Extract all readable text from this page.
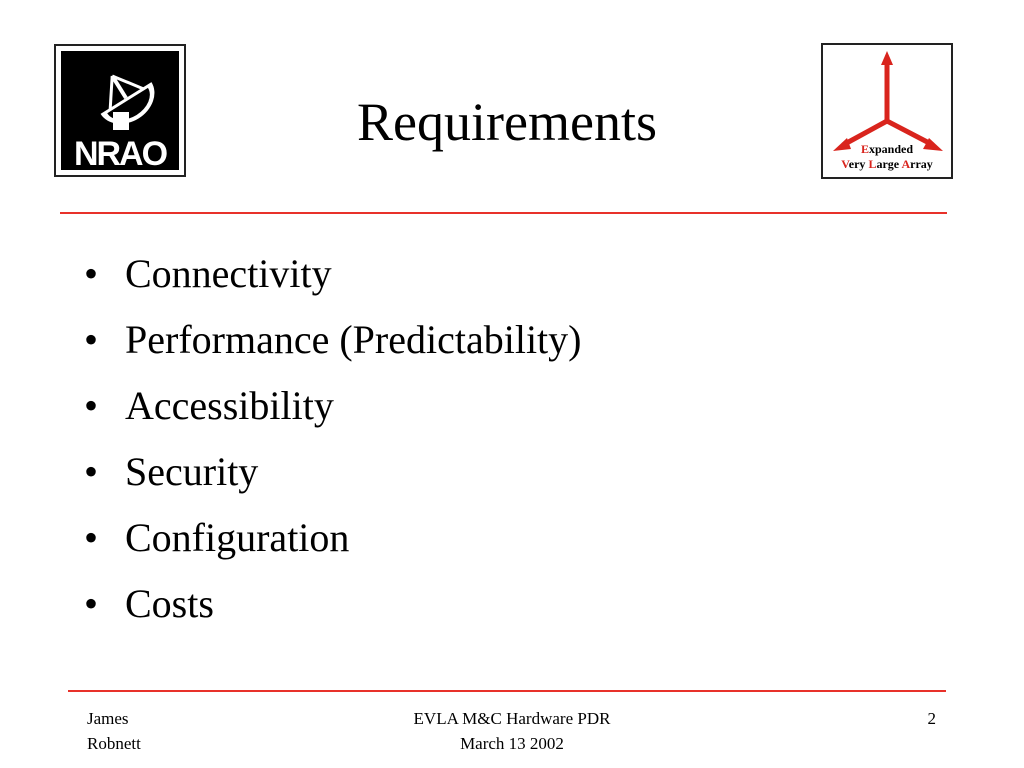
NRAO
Requirements	Expanded
Very Large Array
• Connectivity
• Performance (Predictability)
• Accessibility
• Security
• Configuration
• Costs
James
Robnett
EVLA M&C Hardware PDR
March 13 2002
2
